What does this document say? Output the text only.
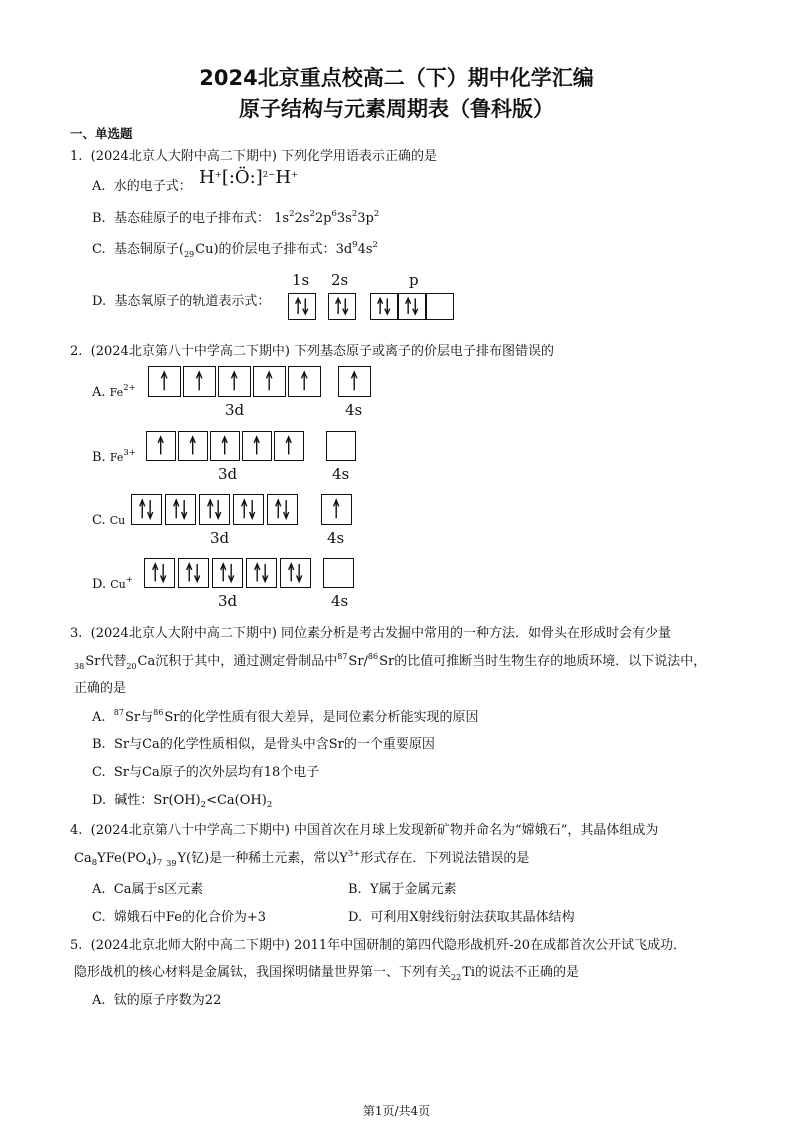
2024北京重点校高二（下）期中化学汇编
原子结构与元素周期表（鲁科版）
一、单选题
1. (2024北京人大附中高二下期中) 下列化学用语表示正确的是
A. 水的电子式： H+[:Ö:]$^{2-}$H+
B. 基态硅原子的电子排布式： $1s^22s^22p^63s^23p^2$
C. 基态铜原子$(_{29}Cu)$的价层电子排布式：$3d^94s^2$
D. 基态氧原子的轨道表示式：
1s 2s	p
2. (2024北京第八十中学高二下期中) 下列基态原子或离子的价层电子排布图错误的
A. $Fe^{2+}$
3d	4s
B. $Fe^{3+}$
3d	4s
C. Cu
3d	4s
D. Cu+
3d	4s
3. (2024北京人大附中高二下期中) 同位素分析是考古发掘中常用的一种方法．如骨头在形成时会有少量
$_{38}$Sr代替$_{20}$Ca沉积于其中，通过测定骨制品中$^{87}$Sr/$^{86}$Sr的比值可推断当时生物生存的地质环境．以下说法中，
正确的是
A. $^{87}$Sr与$^{86}$Sr的化学性质有很大差异，是同位素分析能实现的原因
B. Sr与Ca的化学性质相似，是骨头中含Sr的一个重要原因
C. Sr与Ca原子的次外层均有18个电子
D. 碱性：$Sr(OH)_2<Ca(OH)_2$
4. (2024北京第八十中学高二下期中) 中国首次在月球上发现新矿物并命名为“嫦娥石”，其晶体组成为
$Ca_8YFe(PO_4)_7$ $_{39}$Y(钇)是一种稀土元素，常以$Y^{3+}$形式存在．下列说法错误的是
A. Ca属于s区元素	B. Y属于金属元素
C. 嫦娥石中Fe的化合价为+3	D. 可利用X射线衍射法获取其晶体结构
5. (2024北京北师大附中高二下期中) 2011年中国研制的第四代隐形战机歼-20在成都首次公开试飞成功．
隐形战机的核心材料是金属钛，我国探明储量世界第一、下列有关$_{22}$Ti的说法不正确的是
A. 钛的原子序数为22
第1页/共4页
